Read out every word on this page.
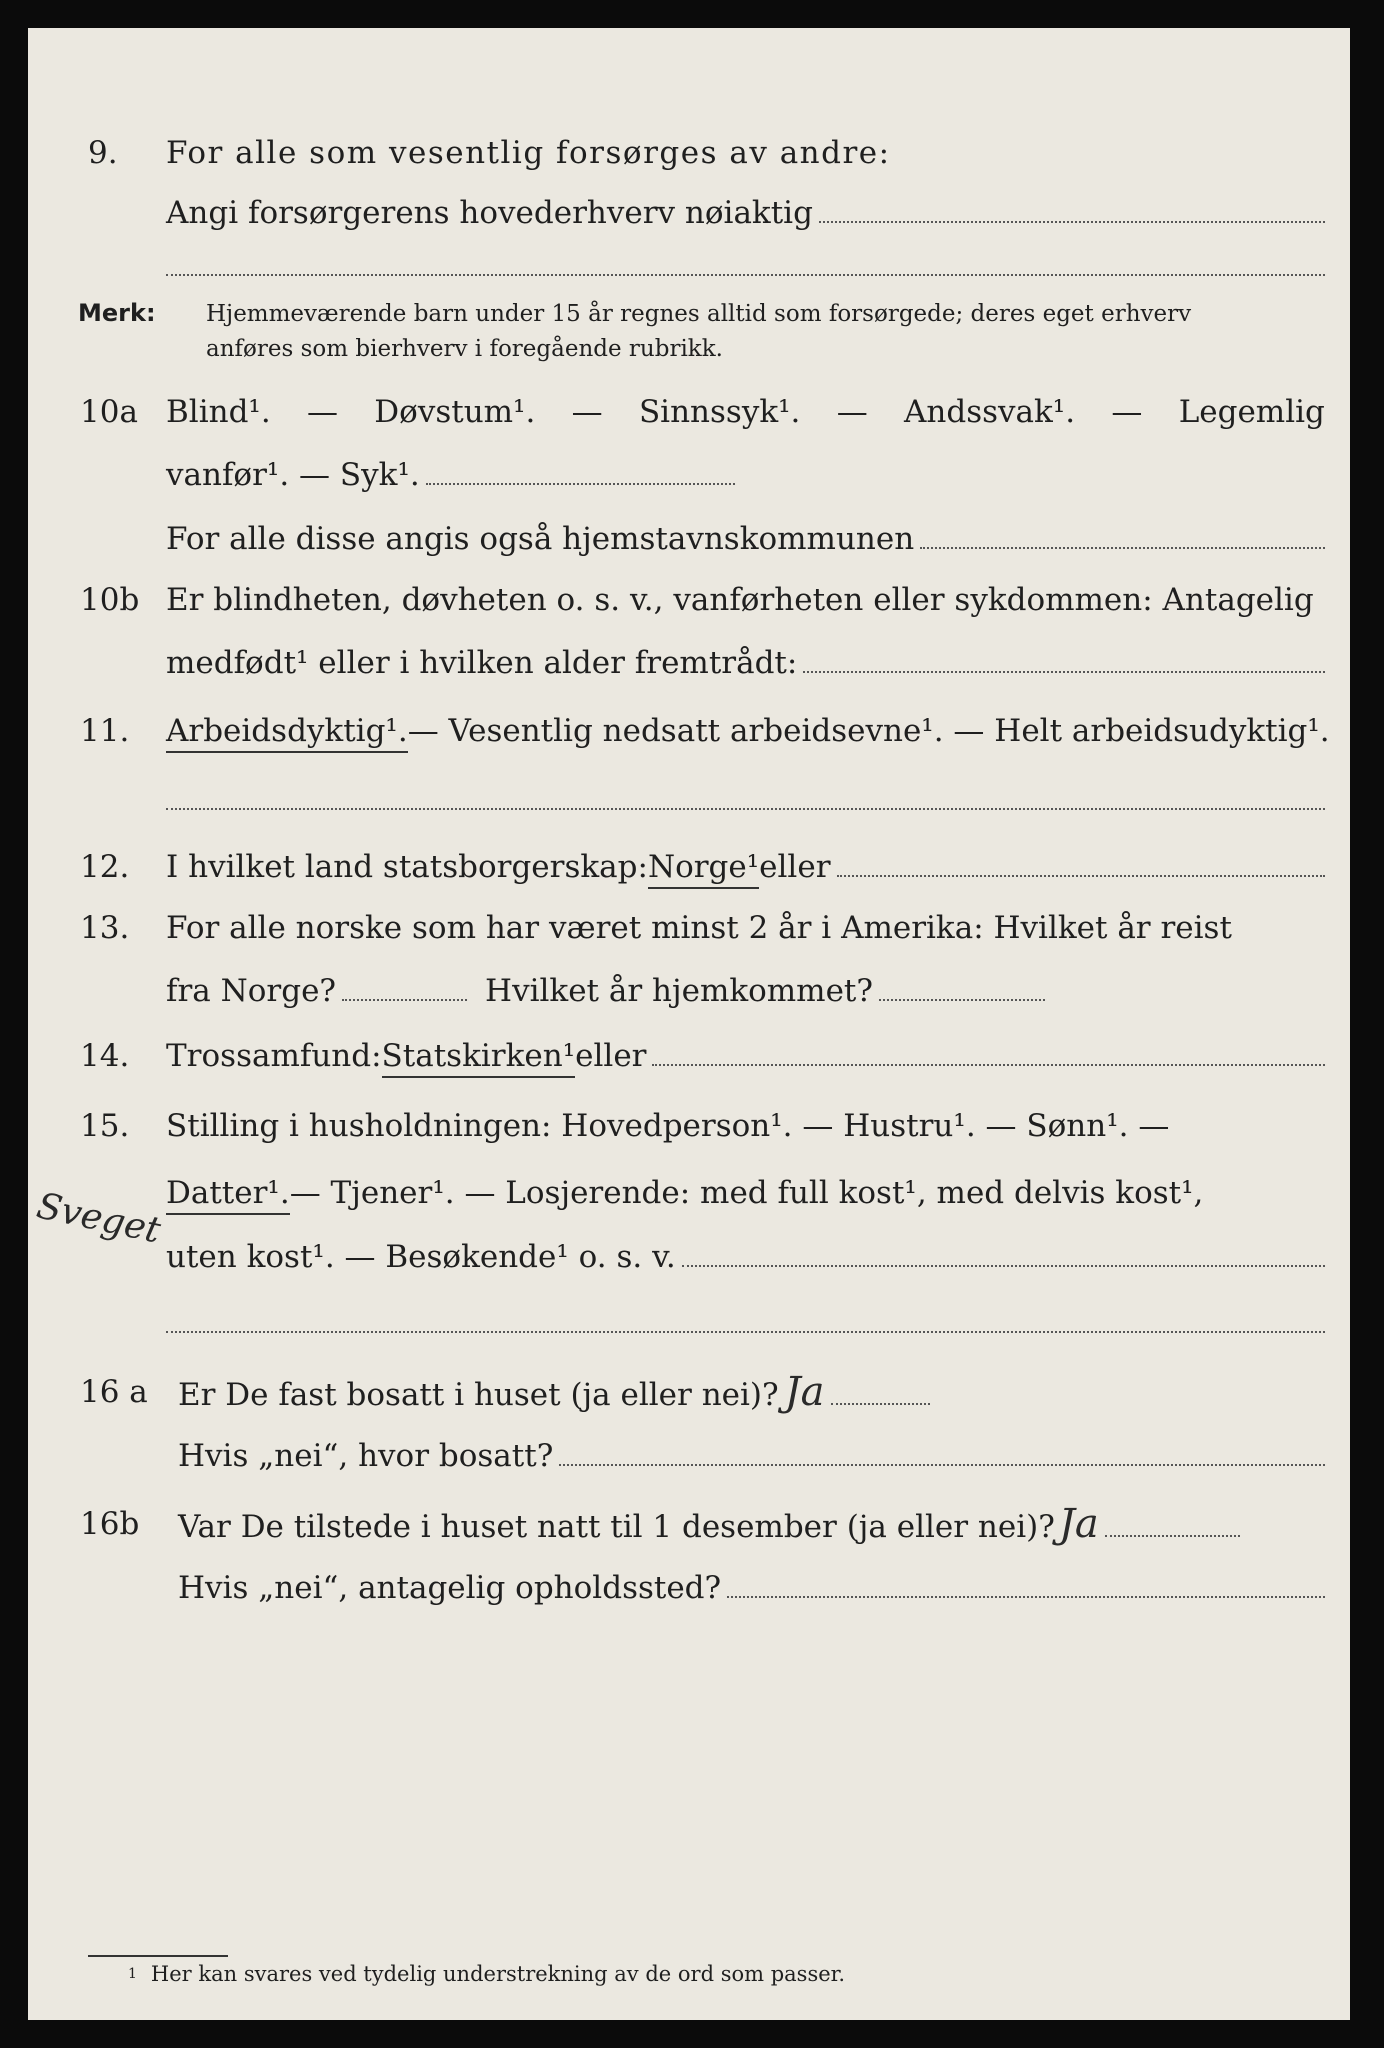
9. For alle som vesentlig forsørges av andre:
Angi forsørgerens hovederhverv nøiaktig
Merk: Hjemmeværende barn under 15 år regnes alltid som forsørgede; deres eget erhverv
anføres som bierhverv i foregående rubrikk.
10a Blind¹. — Døvstum¹. — Sinnssyk¹. — Andssvak¹. — Legemlig
vanfør¹. — Syk¹.
For alle disse angis også hjemstavnskommunen
10b Er blindheten, døvheten o. s. v., vanførheten eller sykdommen: Antagelig
medfødt¹ eller i hvilken alder fremtrådt:
11. Arbeidsdyktig¹. — Vesentlig nedsatt arbeidsevne¹. — Helt arbeidsudyktig¹.
12. I hvilket land statsborgerskap: Norge¹ eller
13. For alle norske som har været minst 2 år i Amerika: Hvilket år reist
fra Norge?	Hvilket år hjemkommet?
14. Trossamfund: Statskirken¹ eller
15. Stilling i husholdningen: Hovedperson¹. — Hustru¹. — Sønn¹. —
Datter¹. — Tjener¹. — Losjerende: med full kost¹, med delvis kost¹,
uten kost¹. — Besøkende¹ o. s. v.
Sveget
16 a Er De fast bosatt i huset (ja eller nei)? Ja
Hvis „nei“, hvor bosatt?
16b Var De tilstede i huset natt til 1 desember (ja eller nei)? Ja
Hvis „nei“, antagelig opholdssted?
$^1$ Her kan svares ved tydelig understrekning av de ord som passer.
